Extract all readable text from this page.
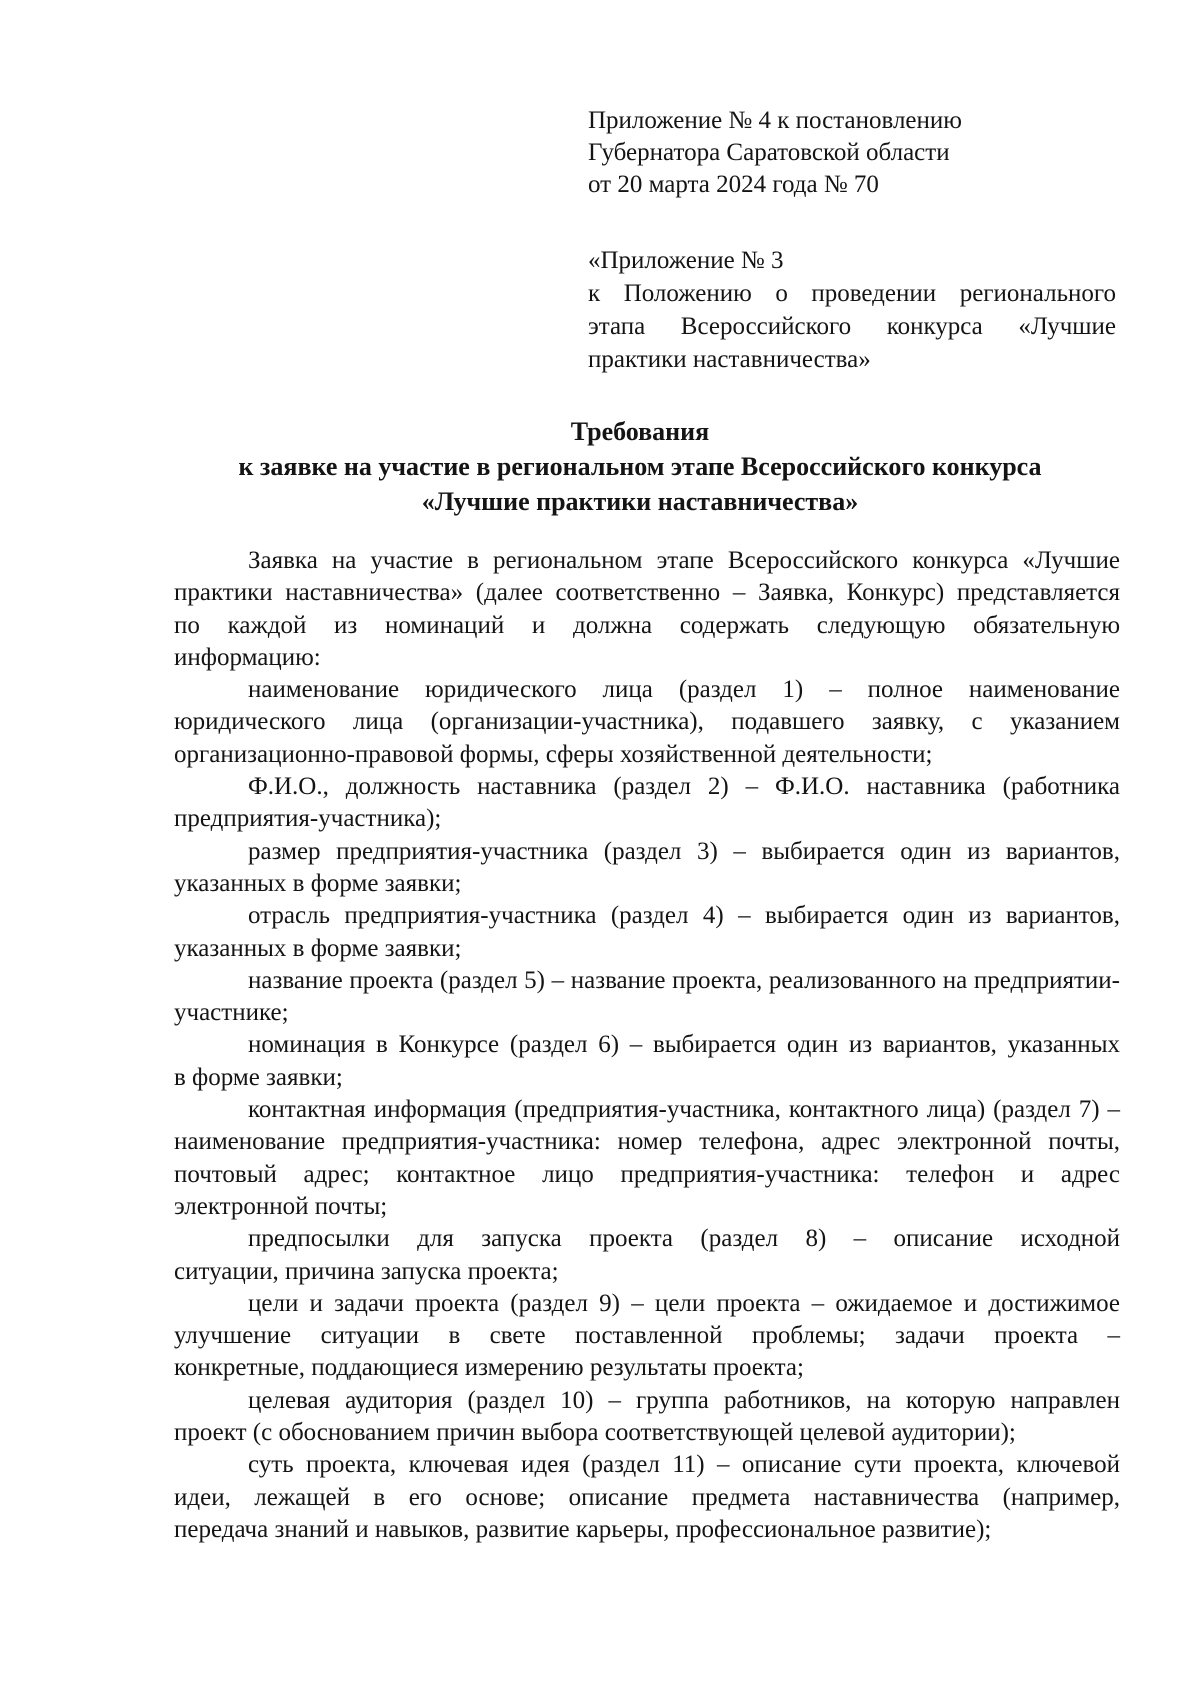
Приложение № 4 к постановлению
Губернатора Саратовской области
от 20 марта 2024 года № 70
«Приложение № 3
к Положению о проведении регионального
этапа Всероссийского конкурса «Лучшие
практики наставничества»
Требования
к заявке на участие в региональном этапе Всероссийского конкурса
«Лучшие практики наставничества»
Заявка на участие в региональном этапе Всероссийского конкурса «Лучшие
практики наставничества» (далее соответственно – Заявка, Конкурс) представляется
по каждой из номинаций и должна содержать следующую обязательную
информацию:
наименование юридического лица (раздел 1) – полное наименование
юридического лица (организации-участника), подавшего заявку, с указанием
организационно-правовой формы, сферы хозяйственной деятельности;
Ф.И.О., должность наставника (раздел 2) – Ф.И.О. наставника (работника
предприятия-участника);
размер предприятия-участника (раздел 3) – выбирается один из вариантов,
указанных в форме заявки;
отрасль предприятия-участника (раздел 4) – выбирается один из вариантов,
указанных в форме заявки;
название проекта (раздел 5) – название проекта, реализованного на предприятии-
участнике;
номинация в Конкурсе (раздел 6) – выбирается один из вариантов, указанных
в форме заявки;
контактная информация (предприятия-участника, контактного лица) (раздел 7) –
наименование предприятия-участника: номер телефона, адрес электронной почты,
почтовый адрес; контактное лицо предприятия-участника: телефон и адрес
электронной почты;
предпосылки для запуска проекта (раздел 8) – описание исходной
ситуации, причина запуска проекта;
цели и задачи проекта (раздел 9) – цели проекта – ожидаемое и достижимое
улучшение ситуации в свете поставленной проблемы; задачи проекта –
конкретные, поддающиеся измерению результаты проекта;
целевая аудитория (раздел 10) – группа работников, на которую направлен
проект (с обоснованием причин выбора соответствующей целевой аудитории);
суть проекта, ключевая идея (раздел 11) – описание сути проекта, ключевой
идеи, лежащей в его основе; описание предмета наставничества (например,
передача знаний и навыков, развитие карьеры, профессиональное развитие);
